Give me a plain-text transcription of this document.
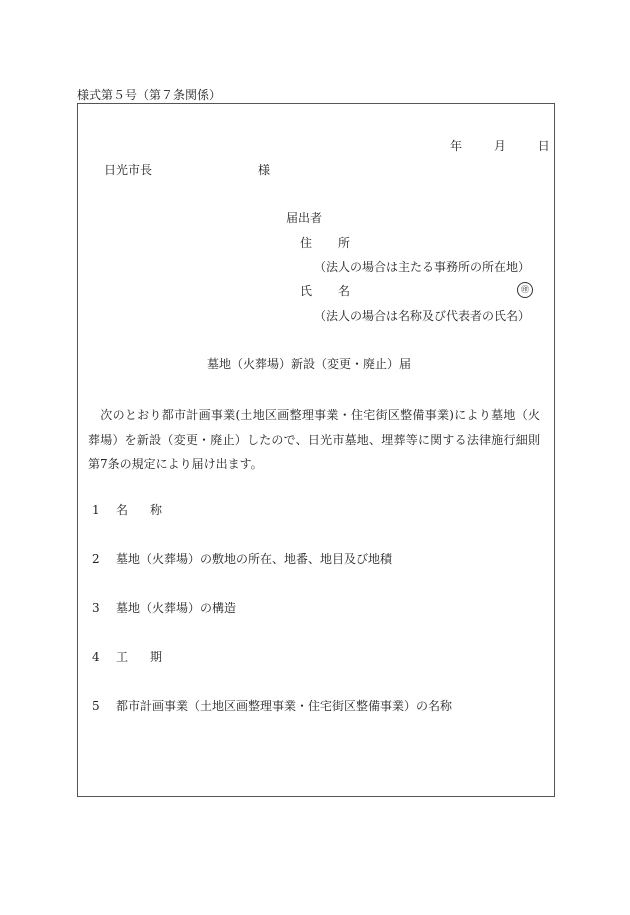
様式第５号（第７条関係）
年	月	日
日光市長	様
届出者
住所
（法人の場合は主たる事務所の所在地）
氏名	㊞
（法人の場合は名称及び代表者の氏名）
墓地（火葬場）新設（変更・廃止）届
　次のとおり都市計画事業(土地区画整理事業・住宅街区整備事業)により墓地（火葬場）を新設（変更・廃止）したので、日光市墓地、埋葬等に関する法律施行細則第7条の規定により届け出ます。
1 名称
2 墓地（火葬場）の敷地の所在、地番、地目及び地積
3 墓地（火葬場）の構造
4 工期
5 都市計画事業（土地区画整理事業・住宅街区整備事業）の名称
